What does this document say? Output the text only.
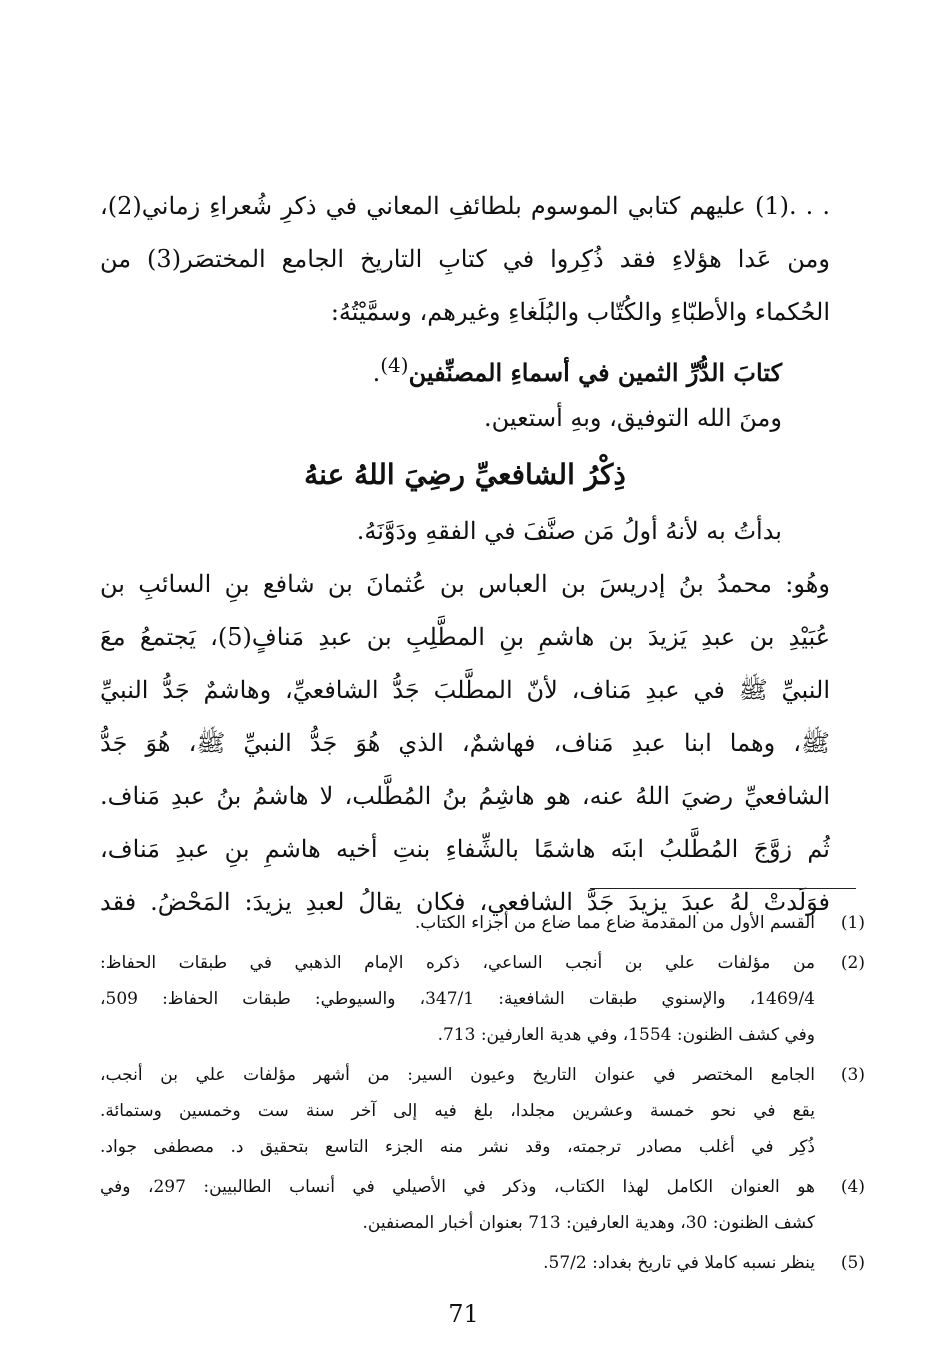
. . .(1) عليهم كتابي الموسوم بلطائفِ المعاني في ذكرِ شُعراءِ زماني(2)،
ومن عَدا هؤلاءِ فقد ذُكِروا في كتابِ التاريخ الجامع المختصَر(3) من
الحُكماء والأطبّاءِ والكُتّاب والبُلَغاءِ وغيرهم، وسمَّيْتُهُ:
كتابَ الدُّرِّ الثمين في أسماءِ المصنِّفين$^{(4)}$.
ومنَ الله التوفيق، وبهِ أستعين.
ذِكْرُ الشافعيِّ رضِيَ اللهُ عنهُ
بدأتُ به لأنهُ أولُ مَن صنَّفَ في الفقهِ ودَوَّنَهُ.
وهُو: محمدُ بنُ إدريسَ بن العباس بن عُثمانَ بن شافع بنِ السائبِ بن
عُبَيْدِ بن عبدِ يَزيدَ بن هاشمِ بنِ المطَّلِبِ بن عبدِ مَنافٍ(5)، يَجتمعُ معَ
النبيِّ ﷺ في عبدِ مَناف، لأنّ المطَّلبَ جَدُّ الشافعيِّ، وهاشمٌ جَدُّ النبيِّ
ﷺ، وهما ابنا عبدِ مَناف، فهاشمٌ، الذي هُوَ جَدُّ النبيِّ ﷺ، هُوَ جَدُّ
الشافعيِّ رضيَ اللهُ عنه، هو هاشِمُ بنُ المُطَّلب، لا هاشمُ بنُ عبدِ مَناف.
ثُم زوَّجَ المُطَّلبُ ابنَه هاشمًا بالشِّفاءِ بنتِ أخيه هاشمِ بنِ عبدِ مَناف،
فوَلَدتْ لهُ عبدَ يزيدَ جَدَّ الشافعي، فكان يقالُ لعبدِ يزيدَ: المَحْضُ. فقد
(1)
القسم الأول من المقدمة ضاع مما ضاع من أجزاء الكتاب.
(2)
من مؤلفات علي بن أنجب الساعي، ذكره الإمام الذهبي في طبقات الحفاظ:
1469/4، والإسنوي طبقات الشافعية: 347/1، والسيوطي: طبقات الحفاظ: 509،
وفي كشف الظنون: 1554، وفي هدية العارفين: 713.
(3)
الجامع المختصر في عنوان التاريخ وعيون السير: من أشهر مؤلفات علي بن أنجب،
يقع في نحو خمسة وعشرين مجلدا، بلغ فيه إلى آخر سنة ست وخمسين وستمائة.
ذُكِر في أغلب مصادر ترجمته، وقد نشر منه الجزء التاسع بتحقيق د. مصطفى جواد.
(4)
هو العنوان الكامل لهذا الكتاب، وذكر في الأصيلي في أنساب الطالبيين: 297، وفي
كشف الظنون: 30، وهدية العارفين: 713 بعنوان أخبار المصنفين.
(5)
ينظر نسبه كاملا في تاريخ بغداد: 57/2.
71
